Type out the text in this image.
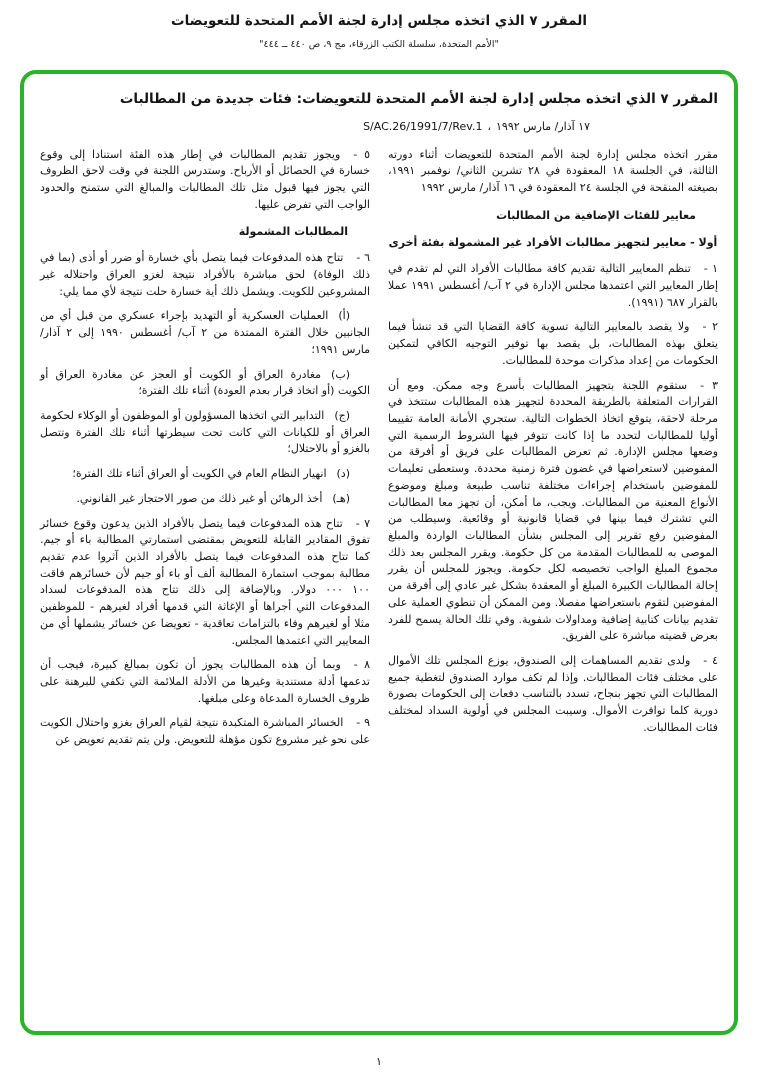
المقرر ٧ الذي اتخذه مجلس إدارة لجنة الأمم المتحدة للتعويضات
"الأمم المتحدة، سلسلة الكتب الزرقاء، مج ٩، ص ٤٤٠ ــ ٤٤٤"
المقرر ٧ الذي اتخذه مجلس إدارة لجنة الأمم المتحدة للتعويضات: فئات جديدة من المطالبات
S/AC.26/1991/7/Rev.1 ، ١٧ آذار/ مارس ١٩٩٢
مقرر اتخذه مجلس إدارة لجنة الأمم المتحدة للتعويضات أثناء دورته الثالثة، في الجلسة ١٨ المعقودة في ٢٨ تشرين الثاني/ نوفمبر ١٩٩١، بصيغته المنقحة في الجلسة ٢٤ المعقودة في ١٦ آذار/ مارس ١٩٩٢
معايير للفئات الإضافية من المطالبات
أولا - معايير لتجهيز مطالبات الأفراد غير المشمولة بفئة أخرى
١ -تنظم المعايير التالية تقديم كافة مطالبات الأفراد التي لم تقدم في إطار المعايير التي اعتمدها مجلس الإدارة في ٢ آب/ أغسطس ١٩٩١ عملا بالقرار ٦٨٧ (١٩٩١).
٢ -ولا يقصد بالمعايير التالية تسوية كافة القضايا التي قد تنشأ فيما يتعلق بهذه المطالبات، بل يقصد بها توفير التوجيه الكافي لتمكين الحكومات من إعداد مذكرات موحدة للمطالبات.
٣ -ستقوم اللجنة بتجهيز المطالبات بأسرع وجه ممكن. ومع أن القرارات المتعلقة بالطريقة المحددة لتجهيز هذه المطالبات ستتخذ في مرحلة لاحقة، يتوقع اتخاذ الخطوات التالية. ستجري الأمانة العامة تقييما أوليا للمطالبات لتحدد ما إذا كانت تتوفر فيها الشروط الرسمية التي وضعها مجلس الإدارة. ثم تعرض المطالبات على فريق أو أفرقة من المفوضين لاستعراضها في غضون فترة زمنية محددة. وستعطى تعليمات للمفوضين باستخدام إجراءات مختلفة تناسب طبيعة ومبلغ وموضوع الأنواع المعنية من المطالبات. ويجب، ما أمكن، أن تجهز معا المطالبات التي تشترك فيما بينها في قضايا قانونية أو وقائعية. وسيطلب من المفوضين رفع تقرير إلى المجلس بشأن المطالبات الواردة والمبلغ الموصى به للمطالبات المقدمة من كل حكومة. ويقرر المجلس بعد ذلك مجموع المبلغ الواجب تخصيصه لكل حكومة. ويجوز للمجلس أن يقرر إحالة المطالبات الكبيرة المبلغ أو المعقدة بشكل غير عادي إلى أفرقة من المفوضين لتقوم باستعراضها مفصلا. ومن الممكن أن تنطوي العملية على تقديم بيانات كتابية إضافية ومداولات شفوية. وفي تلك الحالة يسمح للفرد بعرض قضيته مباشرة على الفريق.
٤ -ولدى تقديم المساهمات إلى الصندوق، يوزع المجلس تلك الأموال على مختلف فئات المطالبات. وإذا لم تكف موارد الصندوق لتغطية جميع المطالبات التي تجهز بنجاح، تسدد بالتناسب دفعات إلى الحكومات بصورة دورية كلما توافرت الأموال. وسيبت المجلس في أولوية السداد لمختلف فئات المطالبات.
٥ -ويجوز تقديم المطالبات في إطار هذه الفئة استنادا إلى وقوع خسارة في الحصائل أو الأرباح. وستدرس اللجنة في وقت لاحق الظروف التي يجوز فيها قبول مثل تلك المطالبات والمبالغ التي ستمنح والحدود الواجب التي تفرض عليها.
المطالبات المشمولة
٦ -تتاح هذه المدفوعات فيما يتصل بأي خسارة أو ضرر أو أذى (بما في ذلك الوفاة) لحق مباشرة بالأفراد نتيجة لغزو العراق واحتلاله غير المشروعين للكويت. ويشمل ذلك أية خسارة حلت نتيجة لأي مما يلي:
(أ)العمليات العسكرية أو التهديد بإجراء عسكري من قبل أي من الجانبين خلال الفترة الممتدة من ٢ آب/ أغسطس ١٩٩٠ إلى ٢ آذار/ مارس ١٩٩١؛
(ب)مغادرة العراق أو الكويت أو العجز عن مغادرة العراق أو الكويت (أو اتخاذ قرار بعدم العودة) أثناء تلك الفترة؛
(ج)التدابير التي اتخذها المسؤولون أو الموظفون أو الوكلاء لحكومة العراق أو للكيانات التي كانت تحت سيطرتها أثناء تلك الفترة وتتصل بالغزو أو بالاحتلال؛
(د)انهيار النظام العام في الكويت أو العراق أثناء تلك الفترة؛
(هـ)أخذ الرهائن أو غير ذلك من صور الاحتجاز غير القانوني.
٧ -تتاح هذه المدفوعات فيما يتصل بالأفراد الذين يدعون وقوع خسائر تفوق المقادير القابلة للتعويض بمقتضى استمارتي المطالبة باء أو جيم. كما تتاح هذه المدفوعات فيما يتصل بالأفراد الذين آثروا عدم تقديم مطالبة بموجب استمارة المطالبة ألف أو باء أو جيم لأن خسائرهم فاقت ١٠٠ ٠٠٠ دولار. وبالإضافة إلى ذلك تتاح هذه المدفوعات لسداد المدفوعات التي أجراها أو الإغاثة التي قدمها أفراد لغيرهم - للموظفين مثلا أو لغيرهم وفاء بالتزامات تعاقدية - تعويضا عن خسائر يشملها أي من المعايير التي اعتمدها المجلس.
٨ -وبما أن هذه المطالبات يجوز أن تكون بمبالغ كبيرة، فيجب أن تدعمها أدلة مستندية وغيرها من الأدلة الملائمة التي تكفي للبرهنة على ظروف الخسارة المدعاة وعلى مبلغها.
٩ -الخسائر المباشرة المتكبدة نتيجة لقيام العراق بغزو واحتلال الكويت على نحو غير مشروع تكون مؤهلة للتعويض. ولن يتم تقديم تعويض عن
١
